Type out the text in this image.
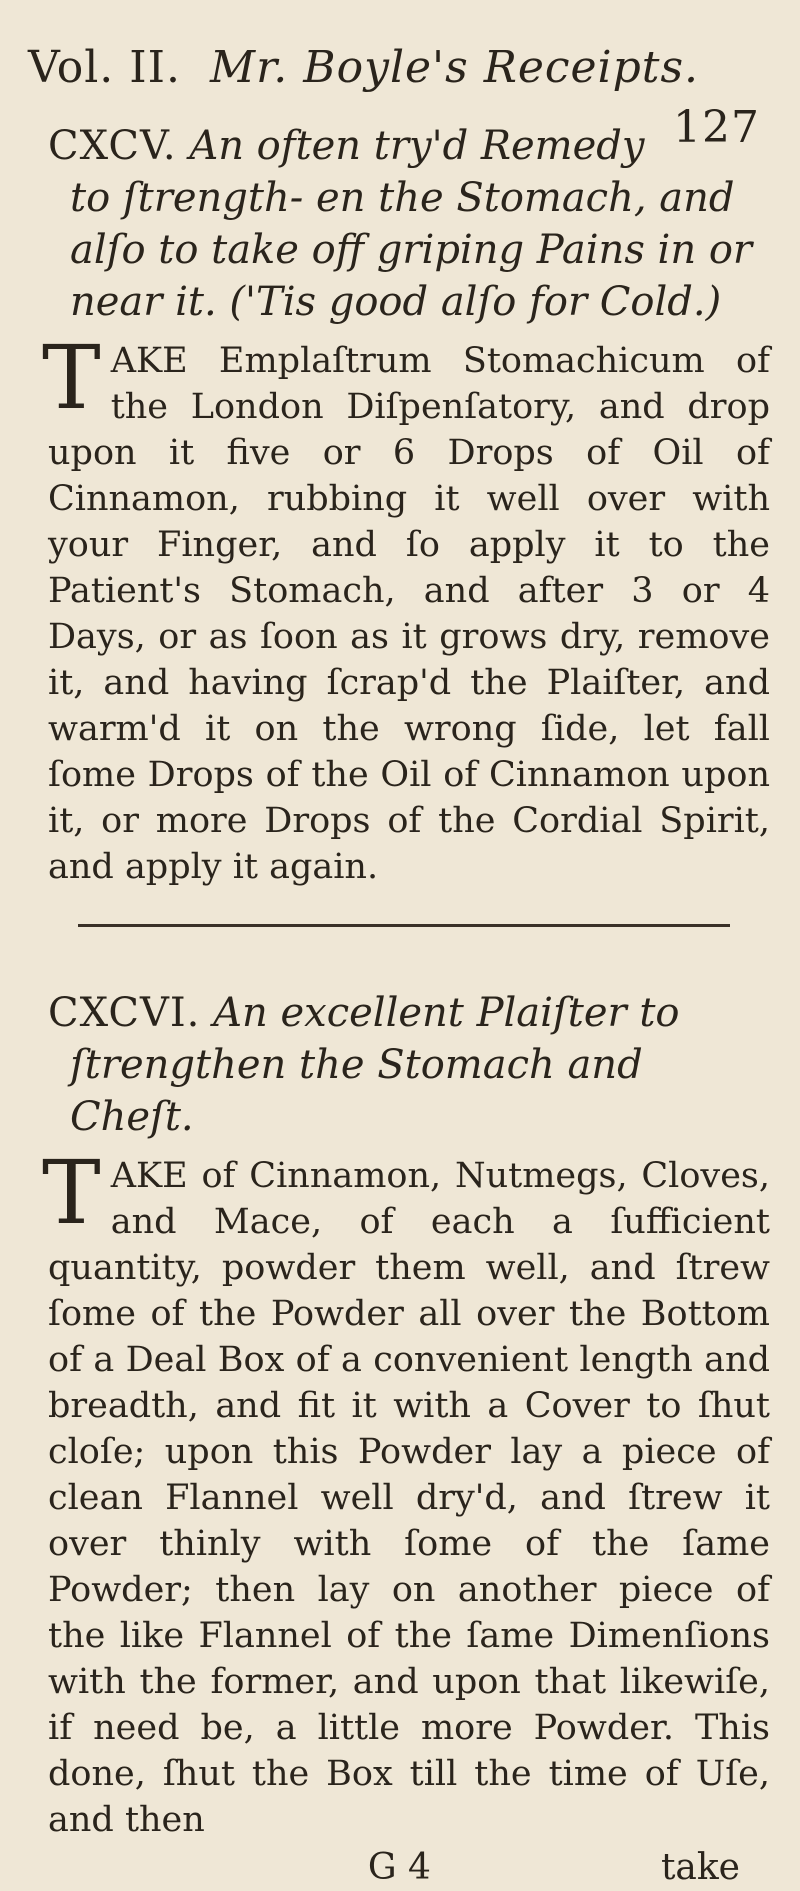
Vol. II. Mr. Boyle's Receipts.
127
CXCV. An often try'd Remedy to ſtrength- en the Stomach, and alſo to take off griping Pains in or near it. ('Tis good alſo for Cold.)
TAKE Emplaſtrum Stomachicum of the London Diſpenſatory, and drop upon it five or 6 Drops of Oil of Cinnamon, rubbing it well over with your Finger, and ſo apply it to the Patient's Stomach, and after 3 or 4 Days, or as ſoon as it grows dry, remove it, and having ſcrap'd the Plaiſter, and warm'd it on the wrong ſide, let fall ſome Drops of the Oil of Cinnamon upon it, or more Drops of the Cordial Spirit, and apply it again.
CXCVI. An excellent Plaiſter to ſtrengthen the Stomach and Cheſt.
TAKE of Cinnamon, Nutmegs, Cloves, and Mace, of each a ſufficient quantity, powder them well, and ſtrew ſome of the Powder all over the Bottom of a Deal Box of a convenient length and breadth, and fit it with a Cover to ſhut cloſe; upon this Powder lay a piece of clean Flannel well dry'd, and ſtrew it over thinly with ſome of the ſame Powder; then lay on another piece of the like Flannel of the ſame Dimenſions with the former, and upon that likewiſe, if need be, a little more Powder. This done, ſhut the Box till the time of Uſe, and then
G 4	take
